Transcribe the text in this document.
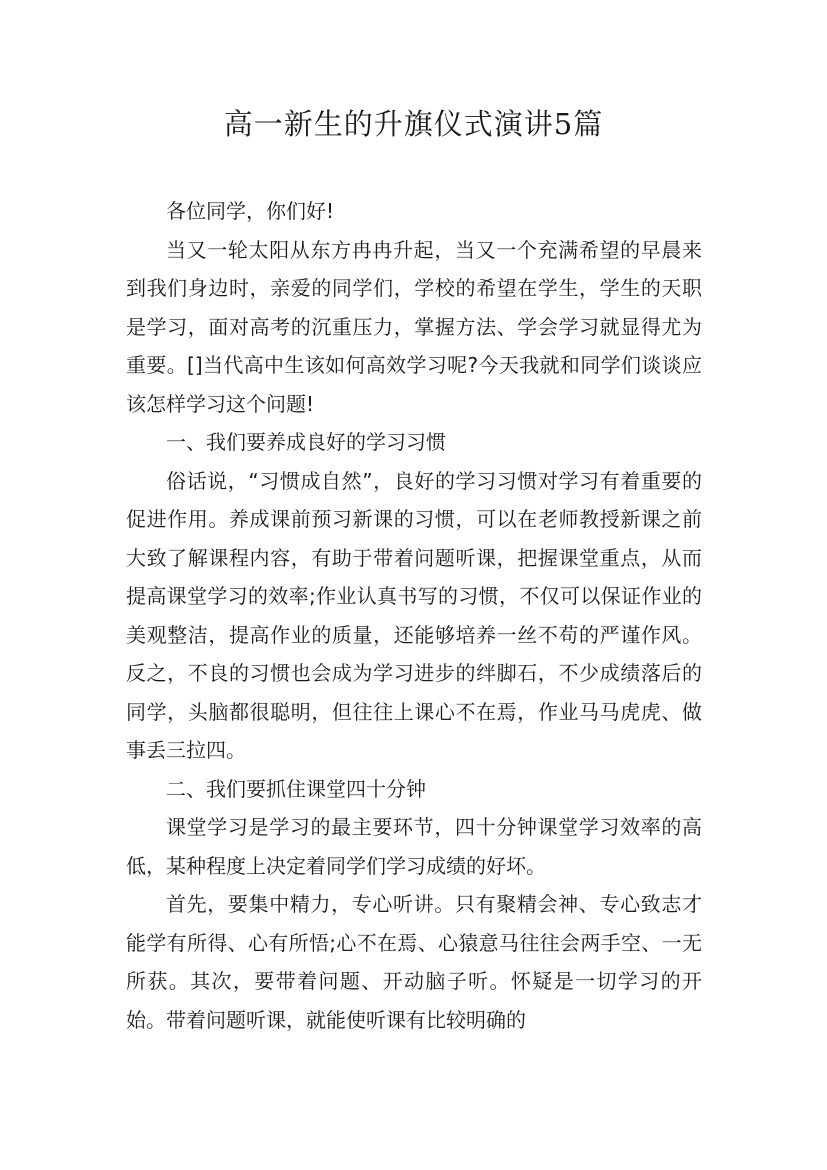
高一新生的升旗仪式演讲5篇

各位同学，你们好!

当又一轮太阳从东方冉冉升起，当又一个充满希望的早晨来到我们身边时，亲爱的同学们，学校的希望在学生，学生的天职是学习，面对高考的沉重压力，掌握方法、学会学习就显得尤为重要。[]当代高中生该如何高效学习呢?今天我就和同学们谈谈应该怎样学习这个问题!

一、我们要养成良好的学习习惯

俗话说，“习惯成自然”，良好的学习习惯对学习有着重要的促进作用。养成课前预习新课的习惯，可以在老师教授新课之前大致了解课程内容，有助于带着问题听课，把握课堂重点，从而提高课堂学习的效率;作业认真书写的习惯，不仅可以保证作业的美观整洁，提高作业的质量，还能够培养一丝不苟的严谨作风。反之，不良的习惯也会成为学习进步的绊脚石，不少成绩落后的同学，头脑都很聪明，但往往上课心不在焉，作业马马虎虎、做事丢三拉四。

二、我们要抓住课堂四十分钟

课堂学习是学习的最主要环节，四十分钟课堂学习效率的高低，某种程度上决定着同学们学习成绩的好坏。

首先，要集中精力，专心听讲。只有聚精会神、专心致志才能学有所得、心有所悟;心不在焉、心猿意马往往会两手空、一无所获。其次，要带着问题、开动脑子听。怀疑是一切学习的开始。带着问题听课，就能使听课有比较明确的
